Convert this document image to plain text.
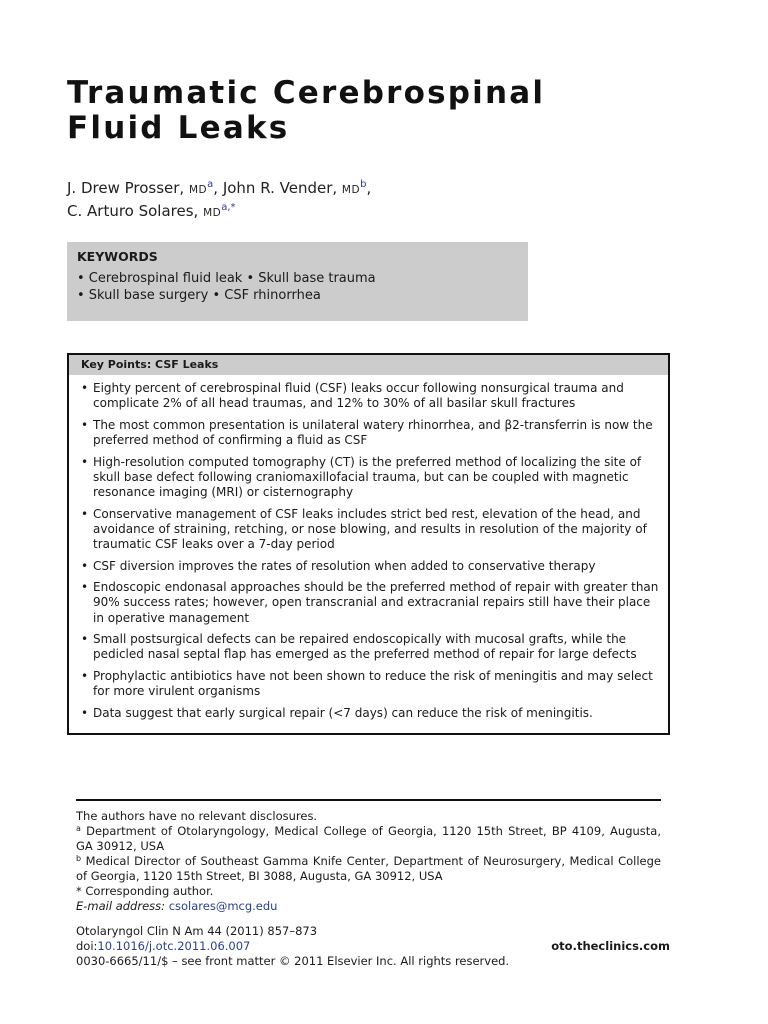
Traumatic Cerebrospinal
Fluid Leaks
J. Drew Prosser, $MD^a$, John R. Vender, $MD^b$,
C. Arturo Solares, $MD^{a,*}$
KEYWORDS
• Cerebrospinal fluid leak • Skull base trauma
• Skull base surgery • CSF rhinorrhea
Key Points: CSF Leaks
• Eighty percent of cerebrospinal fluid (CSF) leaks occur following nonsurgical trauma and complicate 2% of all head traumas, and 12% to 30% of all basilar skull fractures
• The most common presentation is unilateral watery rhinorrhea, and β2-transferrin is now the preferred method of confirming a fluid as CSF
• High-resolution computed tomography (CT) is the preferred method of localizing the site of skull base defect following craniomaxillofacial trauma, but can be coupled with magnetic resonance imaging (MRI) or cisternography
• Conservative management of CSF leaks includes strict bed rest, elevation of the head, and avoidance of straining, retching, or nose blowing, and results in resolution of the majority of traumatic CSF leaks over a 7-day period
• CSF diversion improves the rates of resolution when added to conservative therapy
• Endoscopic endonasal approaches should be the preferred method of repair with greater than 90% success rates; however, open transcranial and extracranial repairs still have their place in operative management
• Small postsurgical defects can be repaired endoscopically with mucosal grafts, while the pedicled nasal septal flap has emerged as the preferred method of repair for large defects
• Prophylactic antibiotics have not been shown to reduce the risk of meningitis and may select for more virulent organisms
• Data suggest that early surgical repair (<7 days) can reduce the risk of meningitis.

The authors have no relevant disclosures.

$^a$ Department of Otolaryngology, Medical College of Georgia, 1120 15th Street, BP 4109, Augusta, GA 30912, USA

$^b$ Medical Director of Southeast Gamma Knife Center, Department of Neurosurgery, Medical College of Georgia, 1120 15th Street, BI 3088, Augusta, GA 30912, USA

* Corresponding author.

E-mail address: csolares@mcg.edu

Otolaryngol Clin N Am 44 (2011) 857–873
doi:10.1016/j.otc.2011.06.007	oto.theclinics.com
0030-6665/11/$ – see front matter © 2011 Elsevier Inc. All rights reserved.
